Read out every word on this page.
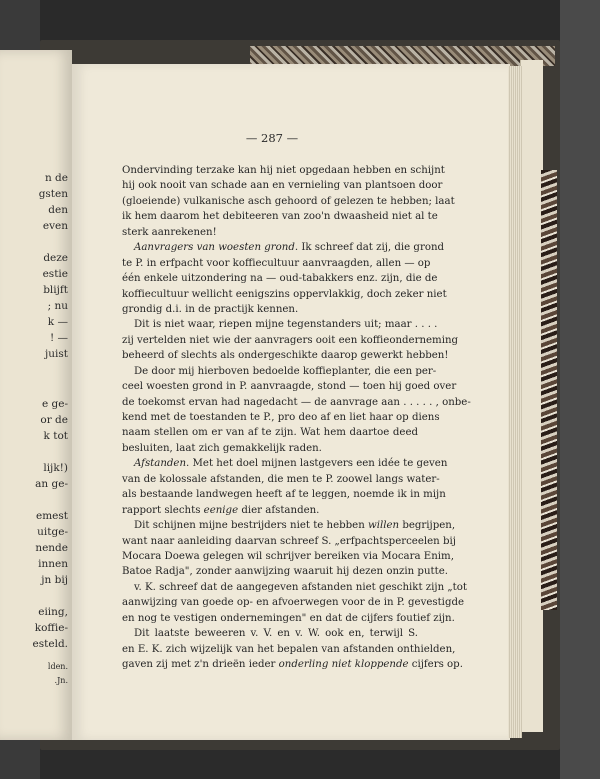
n de
gsten
den
even
deze
estie
blijft
; nu
k —
! —
juist
e ge-
or de
k tot
lijk!)
an ge-
emest
uitge-
nende
innen
jn bij
eiing,
koffie-
esteld.
lden.
.Jn.
— 287 —
Ondervinding terzake kan hij niet opgedaan hebben en schijnt
hij ook nooit van schade aan en vernieling van plantsoen door
(gloeiende) vulkanische asch gehoord of gelezen te hebben; laat
ik hem daarom het debiteeren van zoo'n dwaasheid niet al te
sterk aanrekenen!
Aanvragers van woesten grond. Ik schreef dat zij, die grond
te P. in erfpacht voor koffiecultuur aanvraagden, allen — op
één enkele uitzondering na — oud-tabakkers enz. zijn, die de
koffiecultuur wellicht eenigszins oppervlakkig, doch zeker niet
grondig d.i. in de practijk kennen.
Dit is niet waar, riepen mijne tegenstanders uit; maar . . . .
zij vertelden niet wie der aanvragers ooit een koffieonderneming
beheerd of slechts als ondergeschikte daarop gewerkt hebben!
De door mij hierboven bedoelde koffieplanter, die een per-
ceel woesten grond in P. aanvraagde, stond — toen hij goed over
de toekomst ervan had nagedacht — de aanvrage aan . . . . . , onbe-
kend met de toestanden te P., pro deo af en liet haar op diens
naam stellen om er van af te zijn. Wat hem daartoe deed
besluiten, laat zich gemakkelijk raden.
Afstanden. Met het doel mijnen lastgevers een idée te geven
van de kolossale afstanden, die men te P. zoowel langs water-
als bestaande landwegen heeft af te leggen, noemde ik in mijn
rapport slechts eenige dier afstanden.
Dit schijnen mijne bestrijders niet te hebben willen begrijpen,
want naar aanleiding daarvan schreef S. „erfpachtsperceelen bij
Mocara Doewa gelegen wil schrijver bereiken via Mocara Enim,
Batoe Radja", zonder aanwijzing waaruit hij dezen onzin putte.
v. K. schreef dat de aangegeven afstanden niet geschikt zijn „tot
aanwijzing van goede op- en afvoerwegen voor de in P. gevestigde
en nog te vestigen ondernemingen" en dat de cijfers foutief zijn.
Dit laatste beweeren v. V. en v. W. ook en, terwijl S.
en E. K. zich wijzelijk van het bepalen van afstanden onthielden,
gaven zij met z'n drieën ieder onderling niet kloppende cijfers op.
